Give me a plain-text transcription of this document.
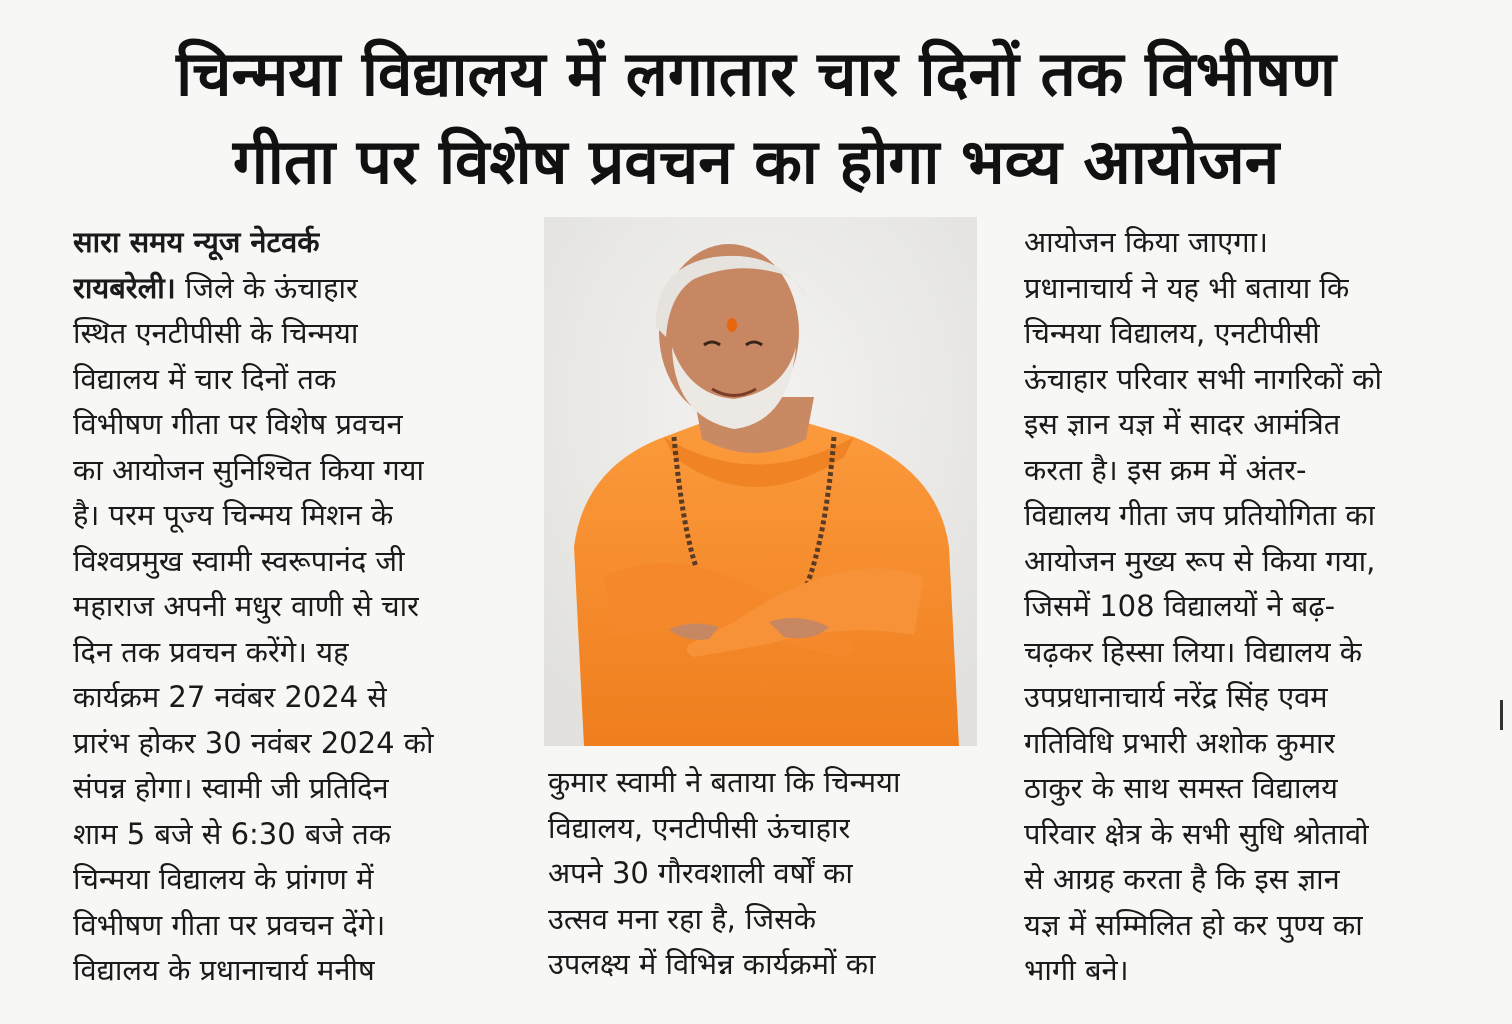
चिन्मया विद्यालय में लगातार चार दिनों तक विभीषण
गीता पर विशेष प्रवचन का होगा भव्य आयोजन
सारा समय न्यूज नेटवर्क
रायबरेली। जिले के ऊंचाहार
स्थित एनटीपीसी के चिन्मया
विद्यालय में चार दिनों तक
विभीषण गीता पर विशेष प्रवचन
का आयोजन सुनिश्चित किया गया
है। परम पूज्य चिन्मय मिशन के
विश्वप्रमुख स्वामी स्वरूपानंद जी
महाराज अपनी मधुर वाणी से चार
दिन तक प्रवचन करेंगे। यह
कार्यक्रम 27 नवंबर 2024 से
प्रारंभ होकर 30 नवंबर 2024 को
संपन्न होगा। स्वामी जी प्रतिदिन
शाम 5 बजे से 6:30 बजे तक
चिन्मया विद्यालय के प्रांगण में
विभीषण गीता पर प्रवचन देंगे।
विद्यालय के प्रधानाचार्य मनीष
कुमार स्वामी ने बताया कि चिन्मया
विद्यालय, एनटीपीसी ऊंचाहार
अपने 30 गौरवशाली वर्षों का
उत्सव मना रहा है, जिसके
उपलक्ष्य में विभिन्न कार्यक्रमों का
आयोजन किया जाएगा।
प्रधानाचार्य ने यह भी बताया कि
चिन्मया विद्यालय, एनटीपीसी
ऊंचाहार परिवार सभी नागरिकों को
इस ज्ञान यज्ञ में सादर आमंत्रित
करता है। इस क्रम में अंतर-
विद्यालय गीता जप प्रतियोगिता का
आयोजन मुख्य रूप से किया गया,
जिसमें 108 विद्यालयों ने बढ़-
चढ़कर हिस्सा लिया। विद्यालय के
उपप्रधानाचार्य नरेंद्र सिंह एवम
गतिविधि प्रभारी अशोक कुमार
ठाकुर के साथ समस्त विद्यालय
परिवार क्षेत्र के सभी सुधि श्रोतावो
से आग्रह करता है कि इस ज्ञान
यज्ञ में सम्मिलित हो कर पुण्य का
भागी बने।
